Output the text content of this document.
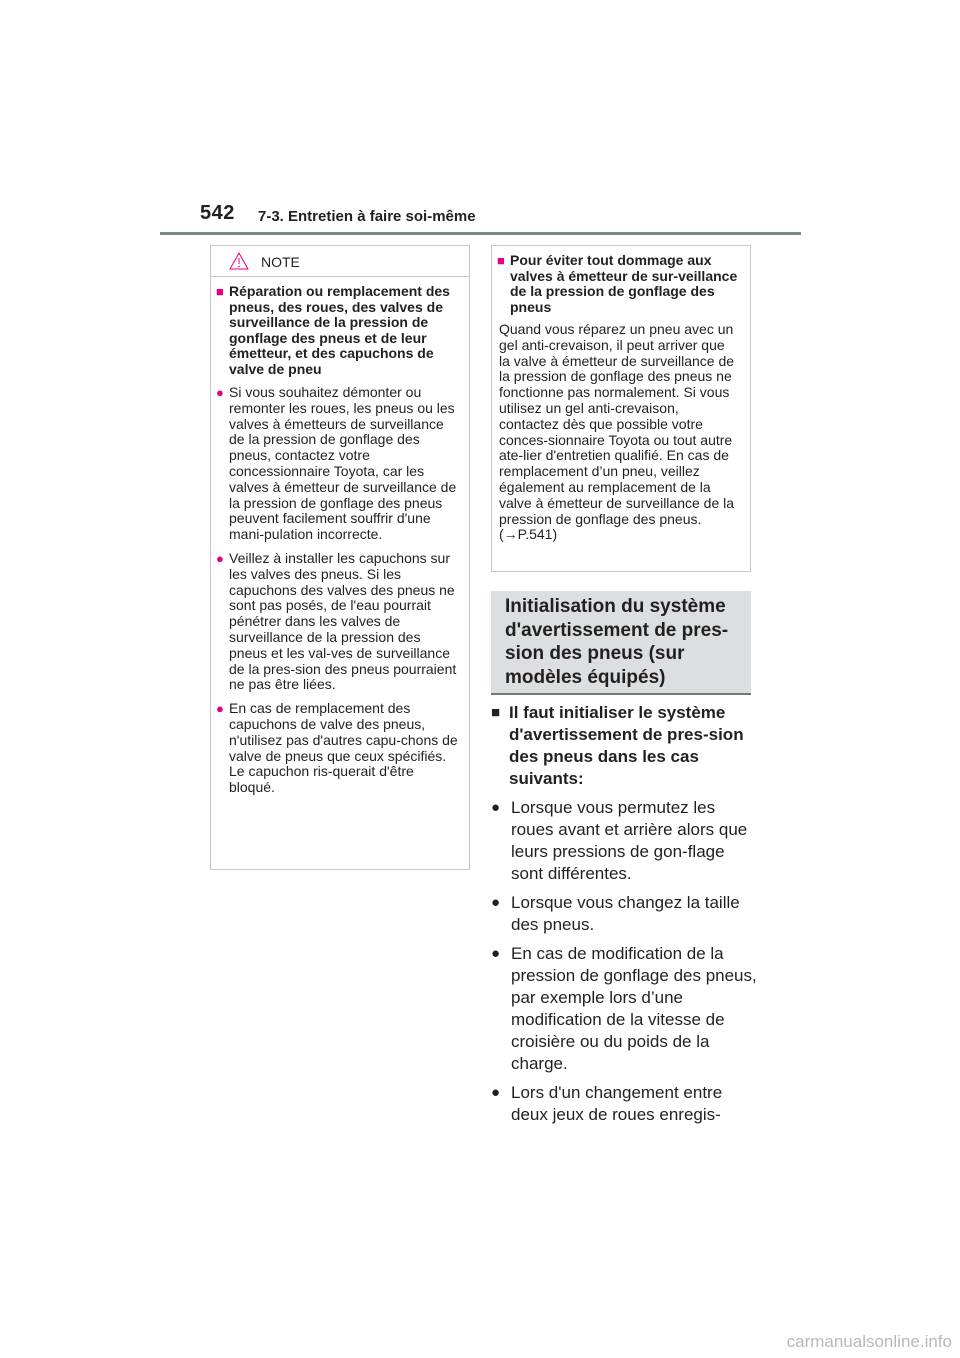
542 7-3. Entretien à faire soi-même
NOTE
■ Réparation ou remplacement des pneus, des roues, des valves de surveillance de la pression de gonflage des pneus et de leur émetteur, et des capuchons de valve de pneu
● Si vous souhaitez démonter ou remonter les roues, les pneus ou les valves à émetteurs de surveillance de la pression de gonflage des pneus, contactez votre concessionnaire Toyota, car les valves à émetteur de surveillance de la pression de gonflage des pneus peuvent facilement souffrir d'une mani-pulation incorrecte.
● Veillez à installer les capuchons sur les valves des pneus. Si les capuchons des valves des pneus ne sont pas posés, de l'eau pourrait pénétrer dans les valves de surveillance de la pression des pneus et les val-ves de surveillance de la pres-sion des pneus pourraient ne pas être liées.
● En cas de remplacement des capuchons de valve des pneus, n'utilisez pas d'autres capu-chons de valve de pneus que ceux spécifiés. Le capuchon ris-querait d'être bloqué.
■ Pour éviter tout dommage aux valves à émetteur de sur-veillance de la pression de gonflage des pneus
Quand vous réparez un pneu avec un gel anti-crevaison, il peut arriver que la valve à émetteur de surveillance de la pression de gonflage des pneus ne fonctionne pas normalement. Si vous utilisez un gel anti-crevaison, contactez dès que possible votre conces-sionnaire Toyota ou tout autre ate-lier d'entretien qualifié. En cas de remplacement d’un pneu, veillez également au remplacement de la valve à émetteur de surveillance de la pression de gonflage des pneus. (→P.541)
Initialisation du système d'avertissement de pres-sion des pneus (sur modèles équipés)
■ Il faut initialiser le système d'avertissement de pres-sion des pneus dans les cas suivants:
● Lorsque vous permutez les roues avant et arrière alors que leurs pressions de gon-flage sont différentes.
● Lorsque vous changez la taille des pneus.
● En cas de modification de la pression de gonflage des pneus, par exemple lors d’une modification de la vitesse de croisière ou du poids de la charge.
● Lors d'un changement entre deux jeux de roues enregis-
carmanualsonline.info
